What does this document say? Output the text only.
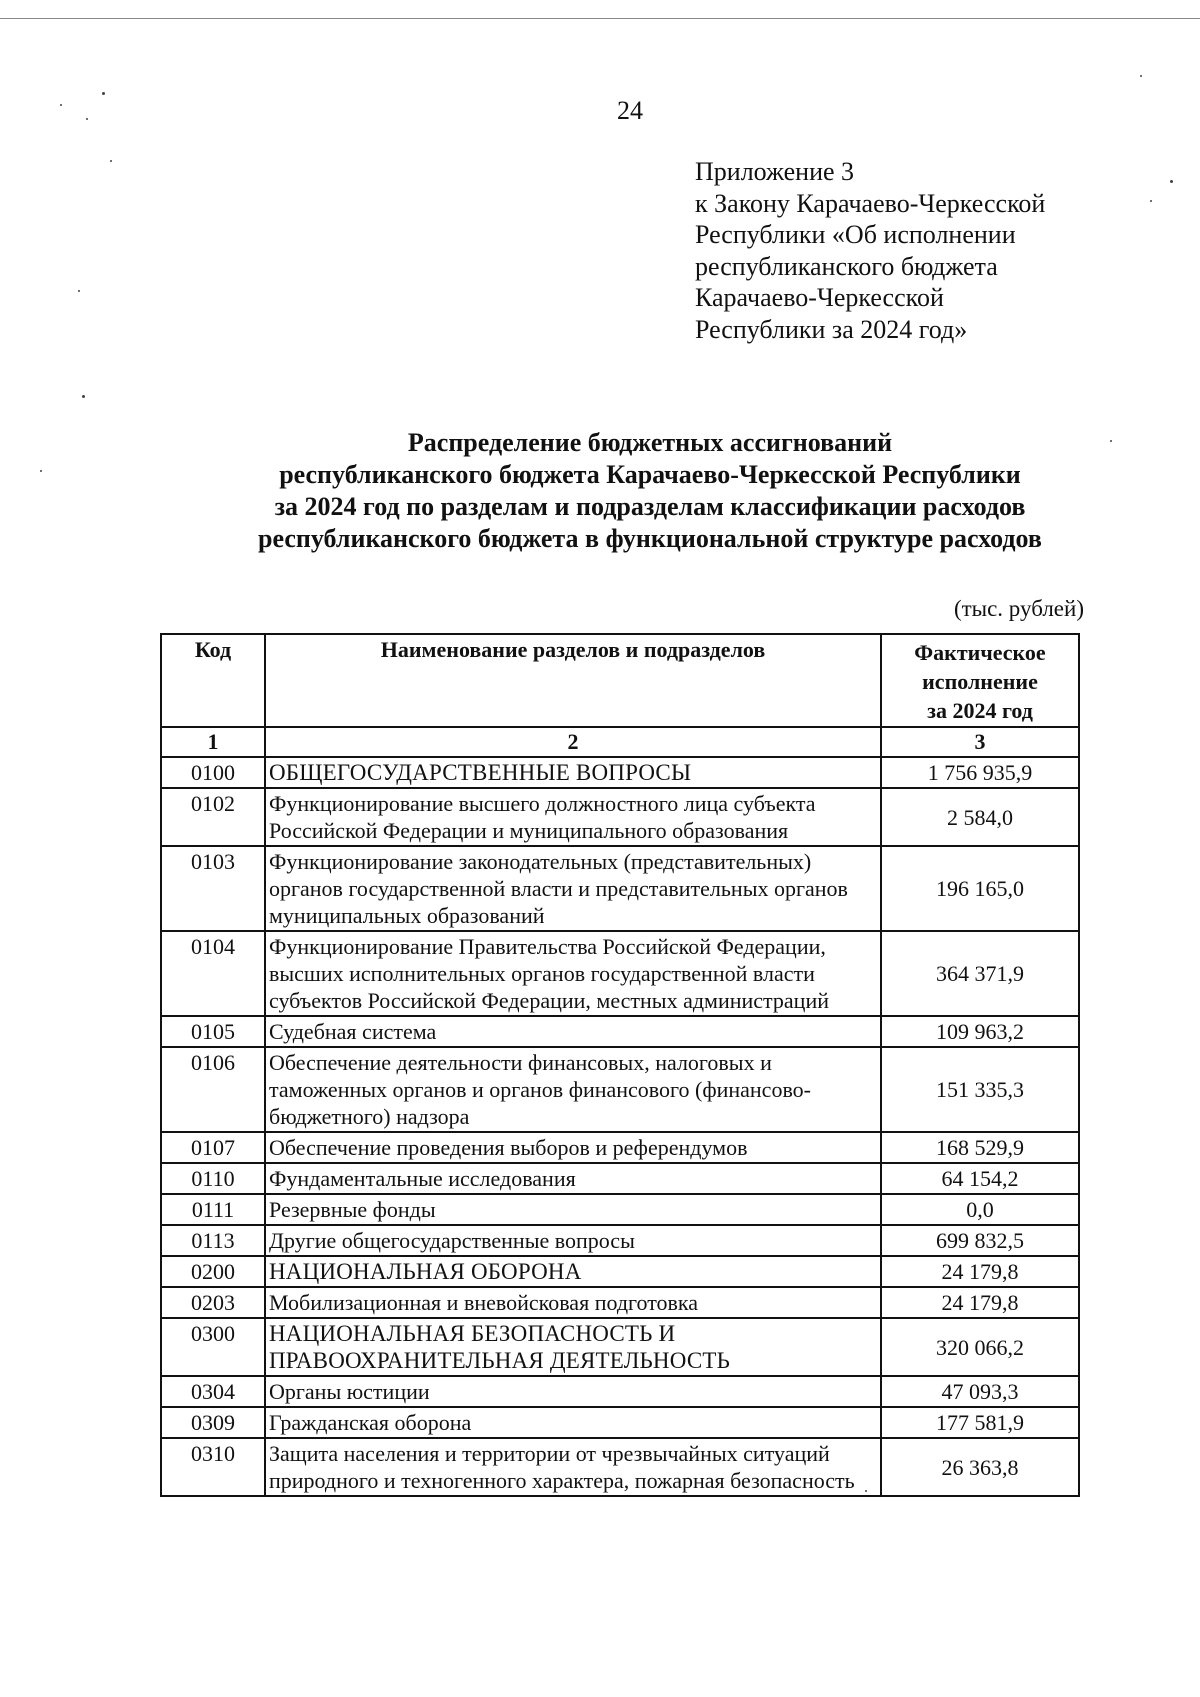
24
Приложение 3
к Закону Карачаево-Черкесской
Республики «Об исполнении
республиканского бюджета
Карачаево-Черкесской
Республики за 2024 год»
Распределение бюджетных ассигнований
республиканского бюджета Карачаево-Черкесской Республики
за 2024 год по разделам и подразделам классификации расходов
республиканского бюджета в функциональной структуре расходов
(тыс. рублей)
Код	Наименование разделов и подразделов	Фактическое
исполнение
за 2024 год

1	2	3
0100	ОБЩЕГОСУДАРСТВЕННЫЕ ВОПРОСЫ	1 756 935,9
0102	Функционирование высшего должностного лица субъекта Российской Федерации и муниципального образования	2 584,0
0103	Функционирование законодательных (представительных) органов государственной власти и представительных органов муниципальных образований	196 165,0
0104	Функционирование Правительства Российской Федерации, высших исполнительных органов государственной власти субъектов Российской Федерации, местных администраций	364 371,9
0105	Судебная система	109 963,2
0106	Обеспечение деятельности финансовых, налоговых и таможенных органов и органов финансового (финансово-бюджетного) надзора	151 335,3
0107	Обеспечение проведения выборов и референдумов	168 529,9
0110	Фундаментальные исследования	64 154,2
0111	Резервные фонды	0,0
0113	Другие общегосударственные вопросы	699 832,5
0200	НАЦИОНАЛЬНАЯ ОБОРОНА	24 179,8
0203	Мобилизационная и вневойсковая подготовка	24 179,8
0300	НАЦИОНАЛЬНАЯ БЕЗОПАСНОСТЬ И ПРАВООХРАНИТЕЛЬНАЯ ДЕЯТЕЛЬНОСТЬ	320 066,2
0304	Органы юстиции	47 093,3
0309	Гражданская оборона	177 581,9
0310	Защита населения и территории от чрезвычайных ситуаций природного и техногенного характера, пожарная безопасность	26 363,8
